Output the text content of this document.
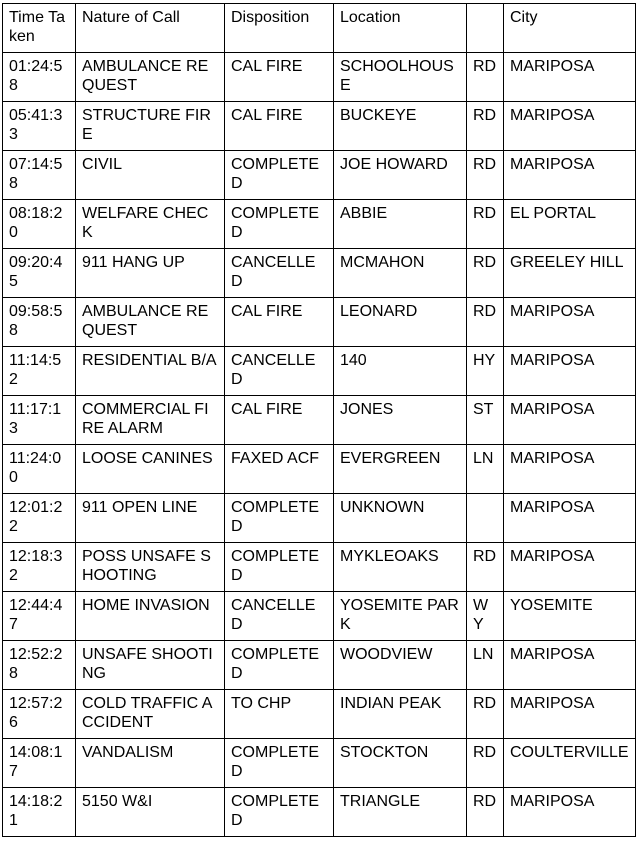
Time Taken	Nature of Call	Disposition	Location		City
01:24:58	AMBULANCE REQUEST	CAL FIRE	SCHOOLHOUSE	RD	MARIPOSA
05:41:33	STRUCTURE FIRE	CAL FIRE	BUCKEYE	RD	MARIPOSA
07:14:58	CIVIL	COMPLETED	JOE HOWARD	RD	MARIPOSA
08:18:20	WELFARE CHECK	COMPLETED	ABBIE	RD	EL PORTAL
09:20:45	911 HANG UP	CANCELLED	MCMAHON	RD	GREELEY HILL
09:58:58	AMBULANCE REQUEST	CAL FIRE	LEONARD	RD	MARIPOSA
11:14:52	RESIDENTIAL B/A	CANCELLED	140	HY	MARIPOSA
11:17:13	COMMERCIAL FIRE ALARM	CAL FIRE	JONES	ST	MARIPOSA
11:24:00	LOOSE CANINES	FAXED ACF	EVERGREEN	LN	MARIPOSA
12:01:22	911 OPEN LINE	COMPLETED	UNKNOWN		MARIPOSA
12:18:32	POSS UNSAFE SHOOTING	COMPLETED	MYKLEOAKS	RD	MARIPOSA
12:44:47	HOME INVASION	CANCELLED	YOSEMITE PARK	WY	YOSEMITE
12:52:28	UNSAFE SHOOTING	COMPLETED	WOODVIEW	LN	MARIPOSA
12:57:26	COLD TRAFFIC ACCIDENT	TO CHP	INDIAN PEAK	RD	MARIPOSA
14:08:17	VANDALISM	COMPLETED	STOCKTON	RD	COULTERVILLE
14:18:21	5150 W&I	COMPLETED	TRIANGLE	RD	MARIPOSA
